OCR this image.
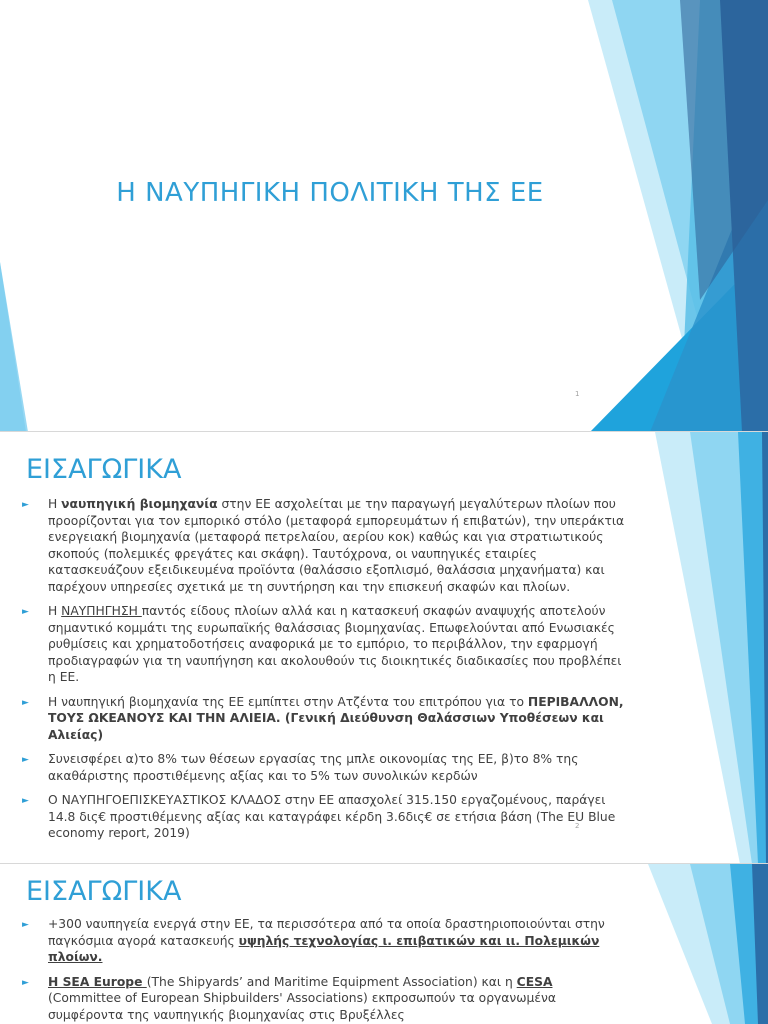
Η ΝΑΥΠΗΓΙΚΗ ΠΟΛΙΤΙΚΗ ΤΗΣ ΕΕ
1
ΕΙΣΑΓΩΓΙΚΑ
► Η ναυπηγική βιομηχανία στην ΕΕ ασχολείται με την παραγωγή μεγαλύτερων πλοίων που προορίζονται για τον εμπορικό στόλο (μεταφορά εμπορευμάτων ή επιβατών), την υπεράκτια ενεργειακή βιομηχανία (μεταφορά πετρελαίου, αερίου κοκ) καθώς και για στρατιωτικούς σκοπούς (πολεμικές φρεγάτες και σκάφη). Ταυτόχρονα, οι ναυπηγικές εταιρίες κατασκευάζουν εξειδικευμένα προϊόντα (θαλάσσιο εξοπλισμό, θαλάσσια μηχανήματα) και παρέχουν υπηρεσίες σχετικά με τη συντήρηση και την επισκευή σκαφών και πλοίων.
► Η ΝΑΥΠΗΓΗΣΗ παντός είδους πλοίων αλλά και η κατασκευή σκαφών αναψυχής αποτελούν σημαντικό κομμάτι της ευρωπαϊκής θαλάσσιας βιομηχανίας. Επωφελούνται από Ενωσιακές ρυθμίσεις και χρηματοδοτήσεις αναφορικά με το εμπόριο, το περιβάλλον, την εφαρμογή προδιαγραφών για τη ναυπήγηση και ακολουθούν τις διοικητικές διαδικασίες που προβλέπει η ΕΕ.
► Η ναυπηγική βιομηχανία της ΕΕ εμπίπτει στην Ατζέντα του επιτρόπου για το ΠΕΡΙΒΑΛΛΟΝ, ΤΟΥΣ ΩΚΕΑΝΟΥΣ ΚΑΙ ΤΗΝ ΑΛΙΕΙΑ. (Γενική Διεύθυνση Θαλάσσιων Υποθέσεων και Αλιείας)
► Συνεισφέρει α)το 8% των θέσεων εργασίας της μπλε οικονομίας της ΕΕ, β)το 8% της ακαθάριστης προστιθέμενης αξίας και το 5% των συνολικών κερδών
► Ο ΝΑΥΠΗΓΟΕΠΙΣΚΕΥΑΣΤΙΚΟΣ ΚΛΑΔΟΣ στην ΕΕ απασχολεί 315.150 εργαζομένους, παράγει 14.8 δις€ προστιθέμενης αξίας και καταγράφει κέρδη 3.6δις€ σε ετήσια βάση (The EU Blue economy report, 2019)	2
ΕΙΣΑΓΩΓΙΚΑ
► +300 ναυπηγεία ενεργά στην ΕΕ, τα περισσότερα από τα οποία δραστηριοποιούνται στην παγκόσμια αγορά κατασκευής υψηλής τεχνολογίας ι. επιβατικών και ιι. Πολεμικών πλοίων.
► Η SEA Europe (The Shipyards’ and Maritime Equipment Association) και η CESA (Committee of European Shipbuilders' Associations) εκπροσωπούν τα οργανωμένα συμφέροντα της ναυπηγικής βιομηχανίας στις Βρυξέλλες
